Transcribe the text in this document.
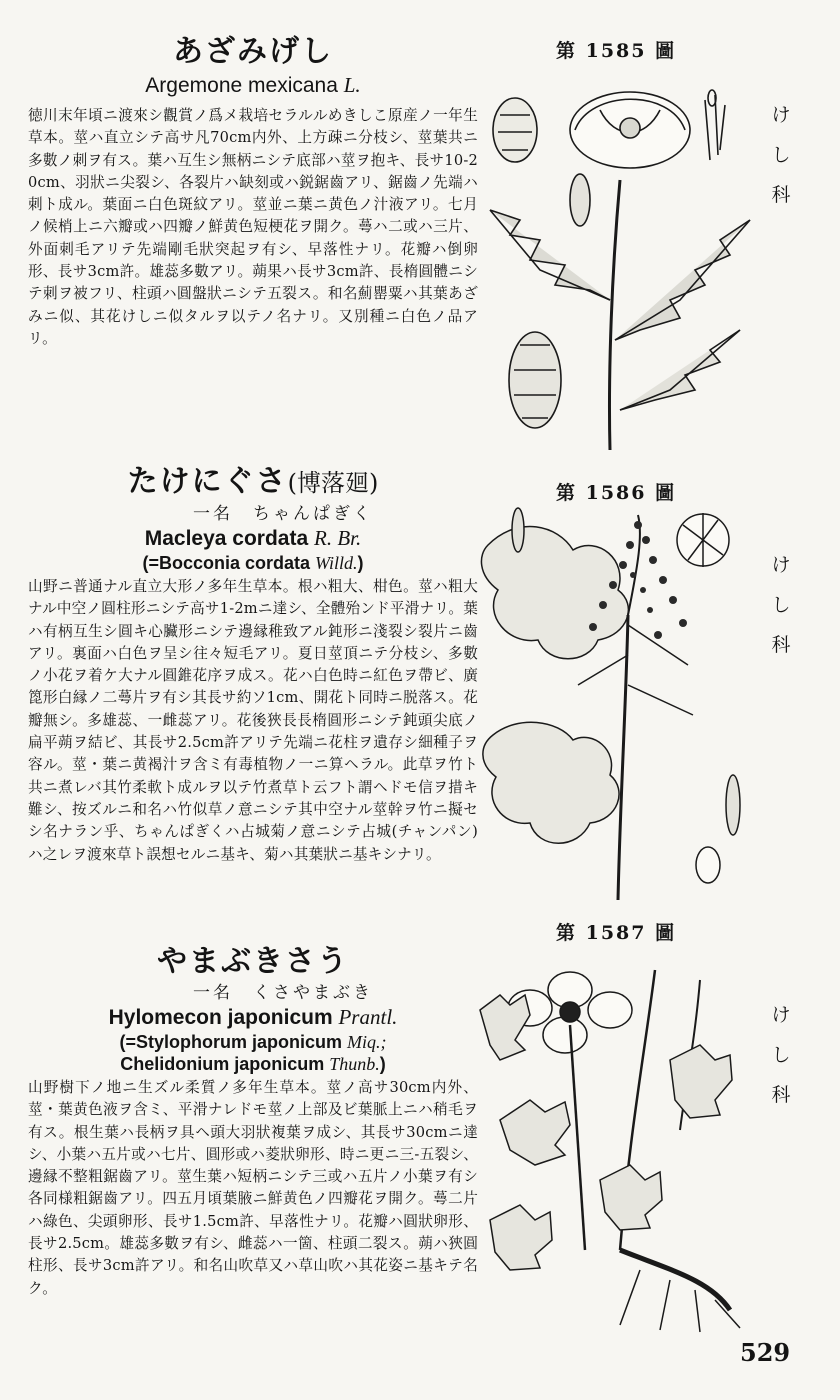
あざみげし
Argemone mexicana L.
徳川末年頃ニ渡來シ觀賞ノ爲メ栽培セラルルめきしこ原産ノ一年生草本。莖ハ直立シテ高サ凡70cm内外、上方疎ニ分枝シ、莖葉共ニ多數ノ刺ヲ有ス。葉ハ互生シ無柄ニシテ底部ハ莖ヲ抱キ、長サ10-20cm、羽狀ニ尖裂シ、各裂片ハ缺刻或ハ鋭鋸齒アリ、鋸齒ノ先端ハ刺ト成ル。葉面ニ白色斑紋アリ。莖並ニ葉ニ黄色ノ汁液アリ。七月ノ候梢上ニ六瓣或ハ四瓣ノ鮮黄色短梗花ヲ開ク。蕚ハ二或ハ三片、外面刺毛アリテ先端剛毛狀突起ヲ有シ、早落性ナリ。花瓣ハ倒卵形、長サ3cm許。雄蕊多數アリ。蒴果ハ長サ3cm許、長楕圓體ニシテ刺ヲ被フリ、柱頭ハ圓盤狀ニシテ五裂ス。和名薊罌粟ハ其葉あざみニ似、其花けしニ似タルヲ以テノ名ナリ。又別種ニ白色ノ品アリ。
たけにぐさ(博落廻)
一名　ちゃんぱぎく
Macleya cordata R. Br.
(=Bocconia cordata Willd.)
山野ニ普通ナル直立大形ノ多年生草本。根ハ粗大、柑色。莖ハ粗大ナル中空ノ圓柱形ニシテ高サ1-2mニ達シ、全體殆ンド平滑ナリ。葉ハ有柄互生シ圓キ心臟形ニシテ邊縁稚致アル鈍形ニ淺裂シ裂片ニ齒アリ。裏面ハ白色ヲ呈シ往々短毛アリ。夏日莖頂ニテ分枝シ、多數ノ小花ヲ着ケ大ナル圓錐花序ヲ成ス。花ハ白色時ニ紅色ヲ帶ビ、廣箆形白縁ノ二蕚片ヲ有シ其長サ約ソ1cm、開花ト同時ニ脱落ス。花瓣無シ。多雄蕊、一雌蕊アリ。花後狹長長楕圓形ニシテ鈍頭尖底ノ扁平蒴ヲ結ビ、其長サ2.5cm許アリテ先端ニ花柱ヲ遺存シ細種子ヲ容ル。莖・葉ニ黄褐汁ヲ含ミ有毒植物ノ一ニ算ヘラル。此草ヲ竹ト共ニ煮レバ其竹柔軟ト成ルヲ以テ竹煮草ト云フト謂ヘドモ信ヲ措キ難シ、按ズルニ和名ハ竹似草ノ意ニシテ其中空ナル莖幹ヲ竹ニ擬セシ名ナラン乎、ちゃんぱぎくハ占城菊ノ意ニシテ占城(チャンパン)ハ之レヲ渡來草ト誤想セルニ基キ、菊ハ其葉狀ニ基キシナリ。
やまぶきさう
一名　くさやまぶき
Hylomecon japonicum Prantl.
(=Stylophorum japonicum Miq.;
Chelidonium japonicum Thunb.)
山野樹下ノ地ニ生ズル柔質ノ多年生草本。莖ノ高サ30cm内外、莖・葉黄色液ヲ含ミ、平滑ナレドモ莖ノ上部及ビ葉脈上ニハ稍毛ヲ有ス。根生葉ハ長柄ヲ具ヘ頭大羽狀複葉ヲ成シ、其長サ30cmニ達シ、小葉ハ五片或ハ七片、圓形或ハ菱狀卵形、時ニ更ニ三-五裂シ、邊縁不整粗鋸齒アリ。莖生葉ハ短柄ニシテ三或ハ五片ノ小葉ヲ有シ各同様粗鋸齒アリ。四五月頃葉腋ニ鮮黄色ノ四瓣花ヲ開ク。蕚二片ハ綠色、尖頭卵形、長サ1.5cm許、早落性ナリ。花瓣ハ圓狀卵形、長サ2.5cm。雄蕊多數ヲ有シ、雌蕊ハ一箇、柱頭二裂ス。蒴ハ狹圓柱形、長サ3cm許アリ。和名山吹草又ハ草山吹ハ其花姿ニ基キテ名ク。
第 1585 圖
第 1586 圖
第 1587 圖
け
し
科
け
し
科
け
し
科
529
